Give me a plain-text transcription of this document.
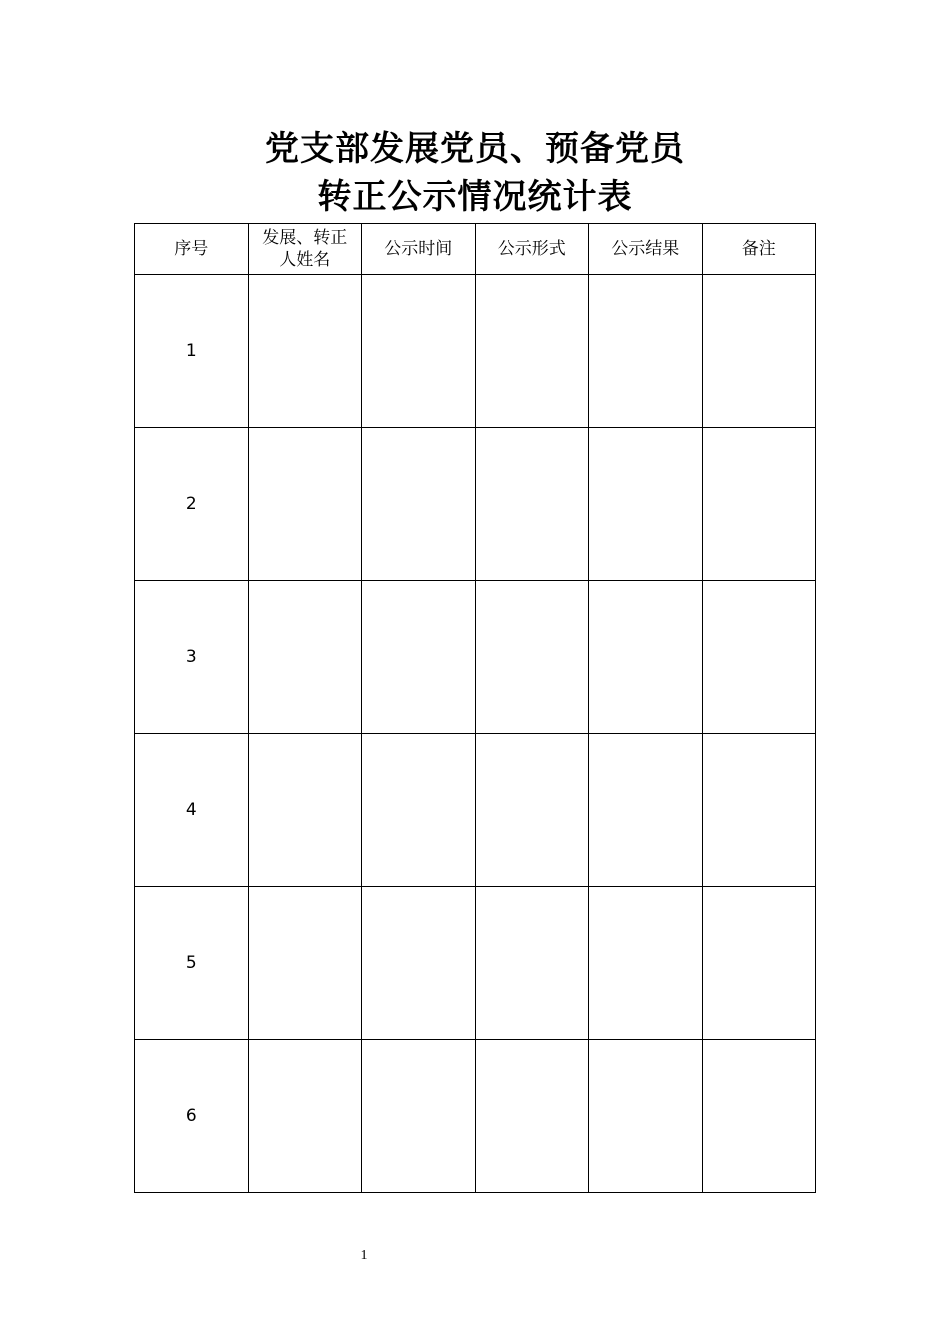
党支部发展党员、预备党员
转正公示情况统计表
序号	发展、转正人姓名	公示时间	公示形式	公示结果	备注
1					
2					
3					
4					
5					
6					
1
